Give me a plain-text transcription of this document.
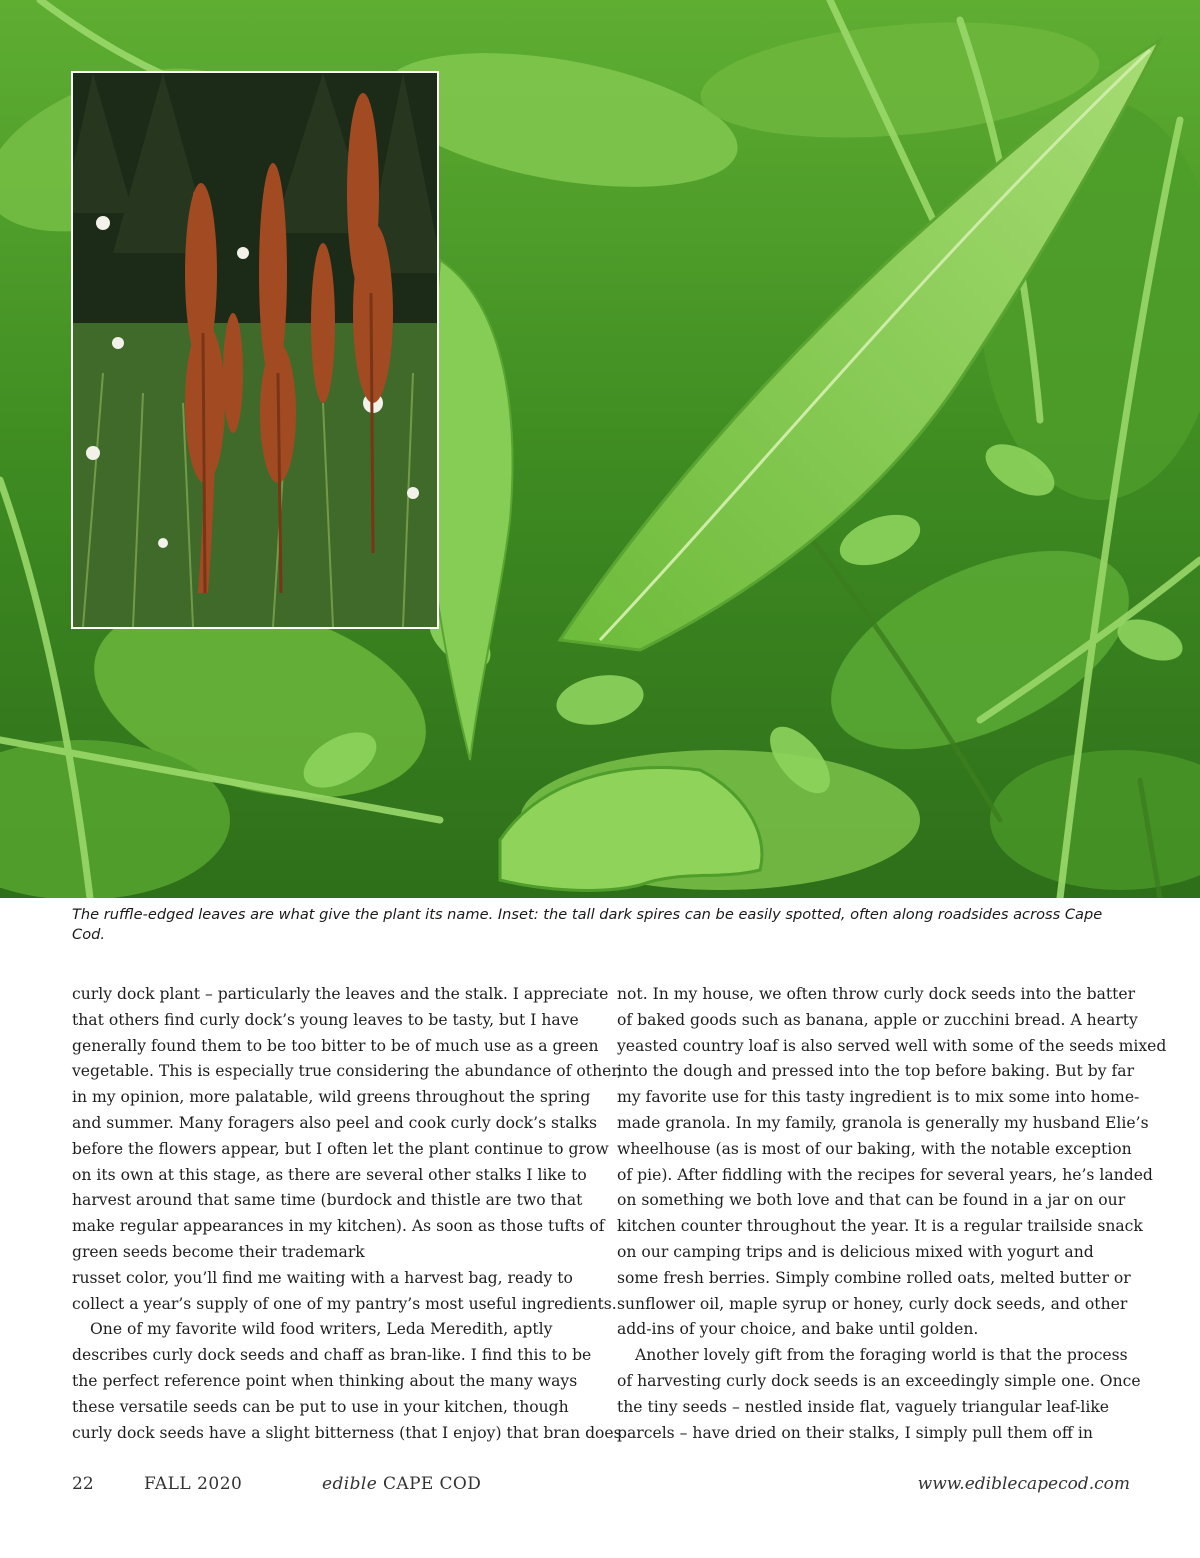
The ruffle-edged leaves are what give the plant its name. Inset: the tall dark spires can be easily spotted, often along roadsides across Cape Cod.

curly dock plant – particularly the leaves and the stalk. I appreciate
that others find curly dock’s young leaves to be tasty, but I have
generally found them to be too bitter to be of much use as a green
vegetable. This is especially true considering the abundance of other,
in my opinion, more palatable, wild greens throughout the spring
and summer. Many foragers also peel and cook curly dock’s stalks
before the flowers appear, but I often let the plant continue to grow
on its own at this stage, as there are several other stalks I like to
harvest around that same time (burdock and thistle are two that
make regular appearances in my kitchen). As soon as those tufts of
green seeds become their trademark
russet color, you’ll find me waiting with a harvest bag, ready to
collect a year’s supply of one of my pantry’s most useful ingredients.
One of my favorite wild food writers, Leda Meredith, aptly
describes curly dock seeds and chaff as bran-like. I find this to be
the perfect reference point when thinking about the many ways
these versatile seeds can be put to use in your kitchen, though
curly dock seeds have a slight bitterness (that I enjoy) that bran does
not. In my house, we often throw curly dock seeds into the batter
of baked goods such as banana, apple or zucchini bread. A hearty
yeasted country loaf is also served well with some of the seeds mixed
into the dough and pressed into the top before baking. But by far
my favorite use for this tasty ingredient is to mix some into home-
made granola. In my family, granola is generally my husband Elie’s
wheelhouse (as is most of our baking, with the notable exception
of pie). After fiddling with the recipes for several years, he’s landed
on something we both love and that can be found in a jar on our
kitchen counter throughout the year. It is a regular trailside snack
on our camping trips and is delicious mixed with yogurt and
some fresh berries. Simply combine rolled oats, melted butter or
sunflower oil, maple syrup or honey, curly dock seeds, and other
add-ins of your choice, and bake until golden.
Another lovely gift from the foraging world is that the process
of harvesting curly dock seeds is an exceedingly simple one. Once
the tiny seeds – nestled inside flat, vaguely triangular leaf-like
parcels – have dried on their stalks, I simply pull them off in
22	FALL 2020	edible CAPE COD	www.ediblecapecod.com
